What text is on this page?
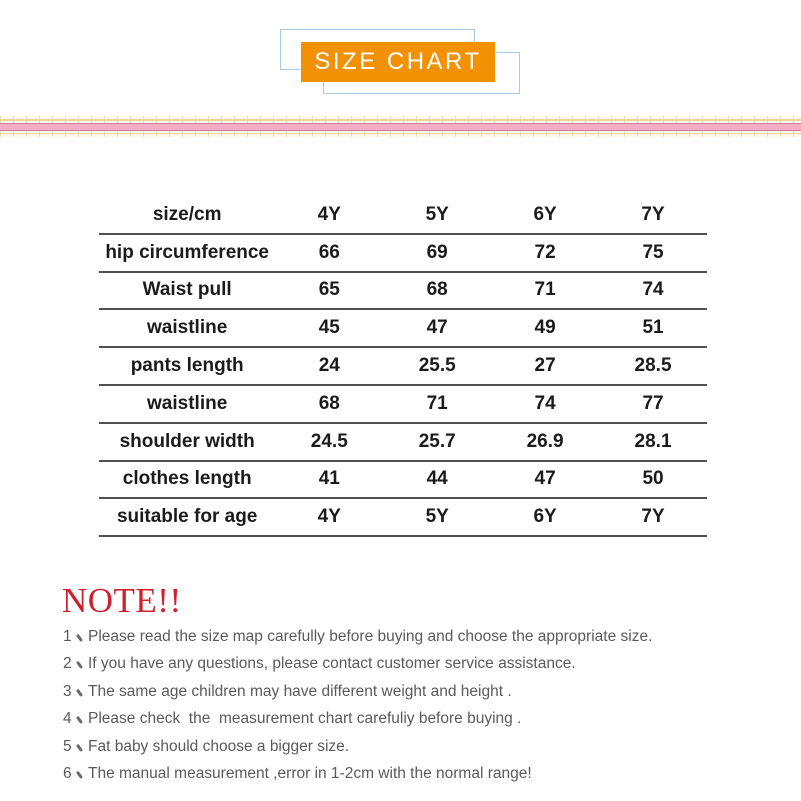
SIZE CHART
size/cm	4Y	5Y	6Y	7Y
hip circumference	66	69	72	75
Waist pull	65	68	71	74
waistline	45	47	49	51
pants length	24	25.5	27	28.5
waistline	68	71	74	77
shoulder width	24.5	25.7	26.9	28.1
clothes length	41	44	47	50
suitable for age	4Y	5Y	6Y	7Y
NOTE!!
1 Please read the size map carefully before buying and choose the appropriate size.
2 If you have any questions, please contact customer service assistance.
3 The same age children may have different weight and height .
4 Please check  the  measurement chart carefuliy before buying .
5 Fat baby should choose a bigger size.
6 The manual measurement ,error in 1-2cm with the normal range!
